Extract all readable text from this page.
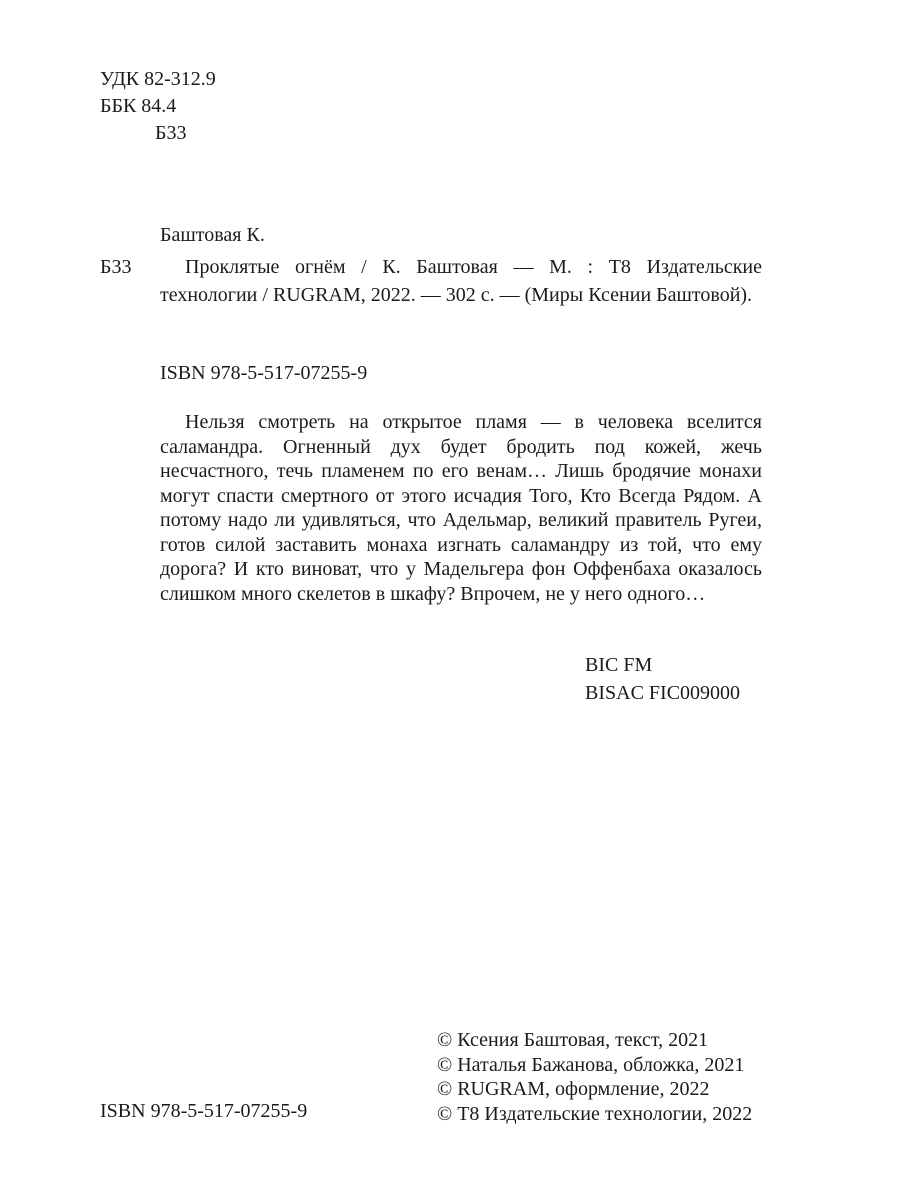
УДК 82-312.9
ББК 84.4
Б33
Баштовая К.
Б33	Проклятые огнём / К. Баштовая — М. : Т8 Издательские технологии / RUGRAM, 2022. — 302 с. — (Миры Ксении Баштовой).

ISBN 978-5-517-07255-9

Нельзя смотреть на открытое пламя — в человека вселится саламандра. Огненный дух будет бродить под кожей, жечь несчастного, течь пламенем по его венам… Лишь бродячие монахи могут спасти смертного от этого исчадия Того, Кто Всегда Рядом. А потому надо ли удивляться, что Адельмар, великий правитель Ругеи, готов силой заставить монаха изгнать саламандру из той, что ему дорога? И кто виноват, что у Мадельгера фон Оффенбаха оказалось слишком много скелетов в шкафу? Впрочем, не у него одного…

BIC FM
BISAC FIC009000
© Ксения Баштовая, текст, 2021
© Наталья Бажанова, обложка, 2021
© RUGRAM, оформление, 2022
© Т8 Издательские технологии, 2022
ISBN 978-5-517-07255-9
